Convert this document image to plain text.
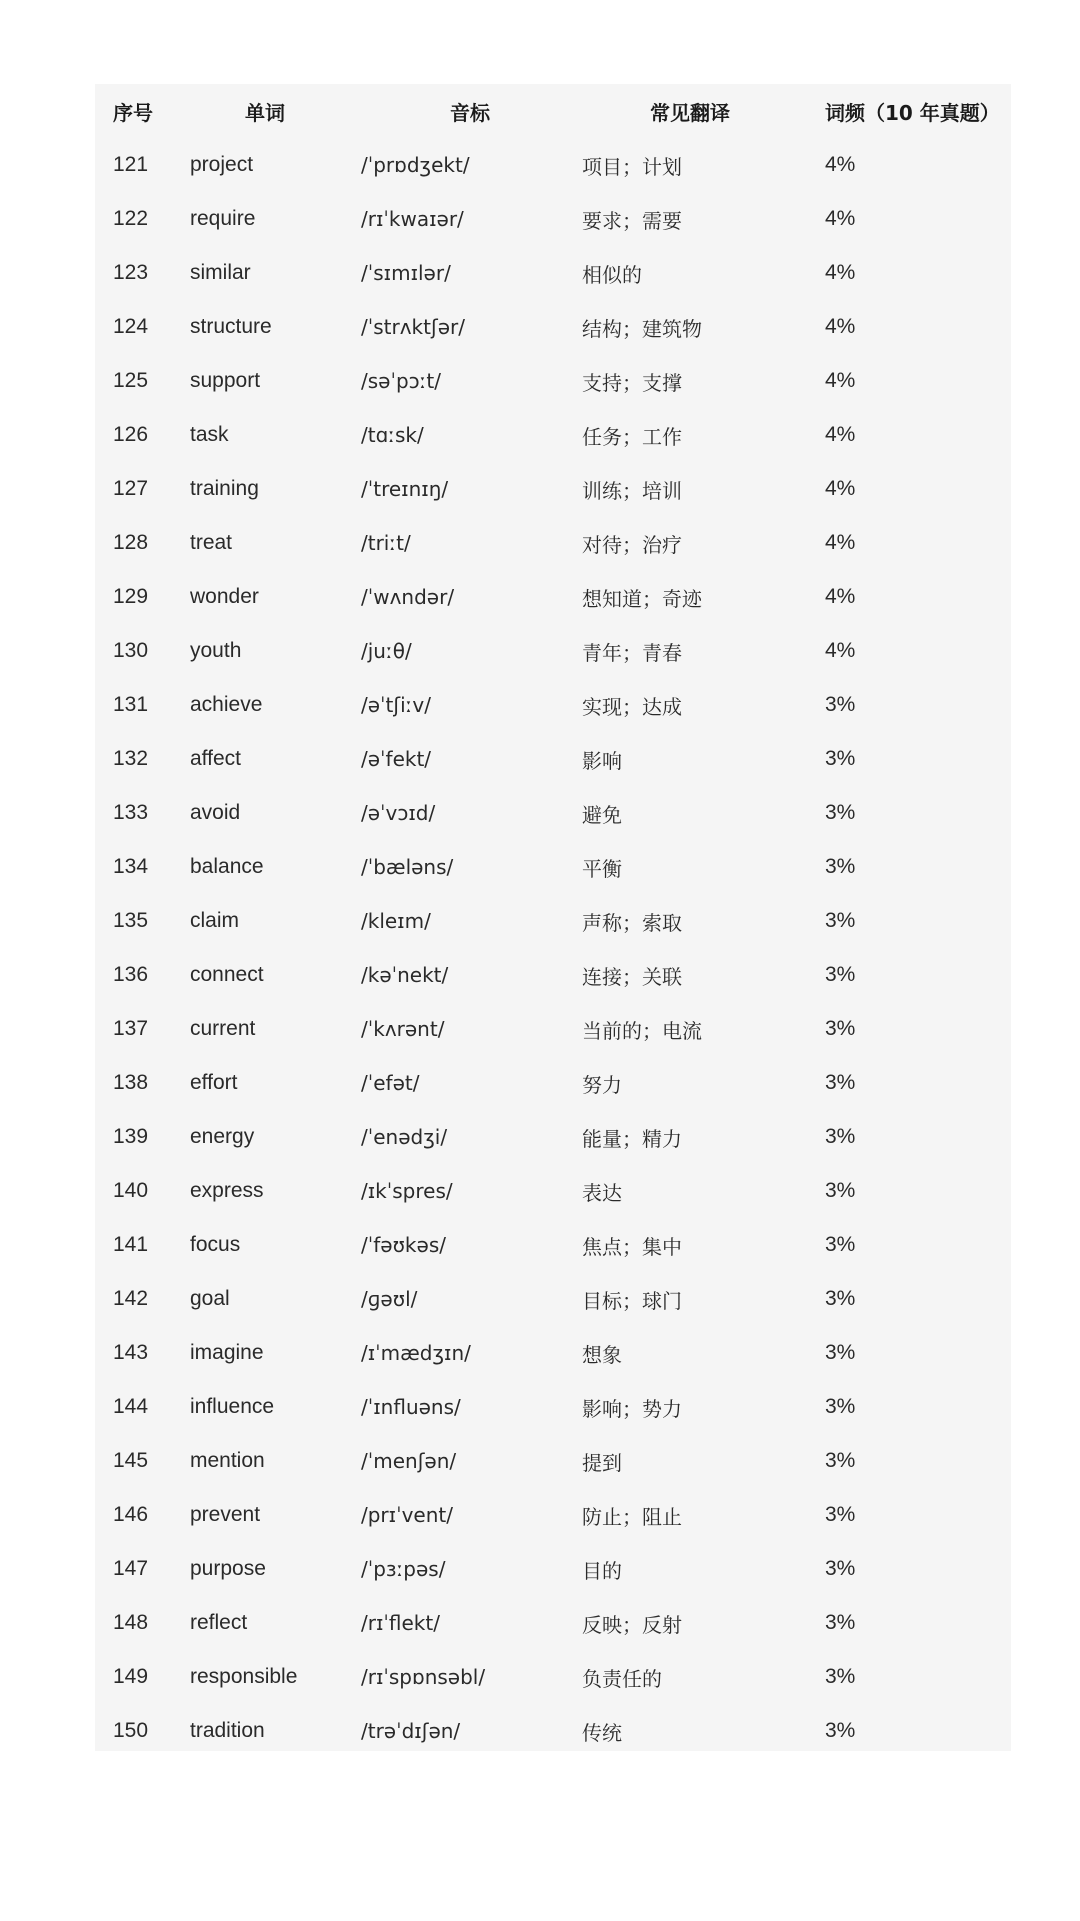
序号	单词	音标	常见翻译	词频（10 年真题）
121	project	/ˈprɒdʒekt/	项目；计划	4%
122	require	/rɪˈkwaɪər/	要求；需要	4%
123	similar	/ˈsɪmɪlər/	相似的	4%
124	structure	/ˈstrʌktʃər/	结构；建筑物	4%
125	support	/səˈpɔːt/	支持；支撑	4%
126	task	/tɑːsk/	任务；工作	4%
127	training	/ˈtreɪnɪŋ/	训练；培训	4%
128	treat	/triːt/	对待；治疗	4%
129	wonder	/ˈwʌndər/	想知道；奇迹	4%
130	youth	/juːθ/	青年；青春	4%
131	achieve	/əˈtʃiːv/	实现；达成	3%
132	affect	/əˈfekt/	影响	3%
133	avoid	/əˈvɔɪd/	避免	3%
134	balance	/ˈbæləns/	平衡	3%
135	claim	/kleɪm/	声称；索取	3%
136	connect	/kəˈnekt/	连接；关联	3%
137	current	/ˈkʌrənt/	当前的；电流	3%
138	effort	/ˈefət/	努力	3%
139	energy	/ˈenədʒi/	能量；精力	3%
140	express	/ɪkˈspres/	表达	3%
141	focus	/ˈfəʊkəs/	焦点；集中	3%
142	goal	/ɡəʊl/	目标；球门	3%
143	imagine	/ɪˈmædʒɪn/	想象	3%
144	influence	/ˈɪnfluəns/	影响；势力	3%
145	mention	/ˈmenʃən/	提到	3%
146	prevent	/prɪˈvent/	防止；阻止	3%
147	purpose	/ˈpɜːpəs/	目的	3%
148	reflect	/rɪˈflekt/	反映；反射	3%
149	responsible	/rɪˈspɒnsəbl/	负责任的	3%
150	tradition	/trəˈdɪʃən/	传统	3%
